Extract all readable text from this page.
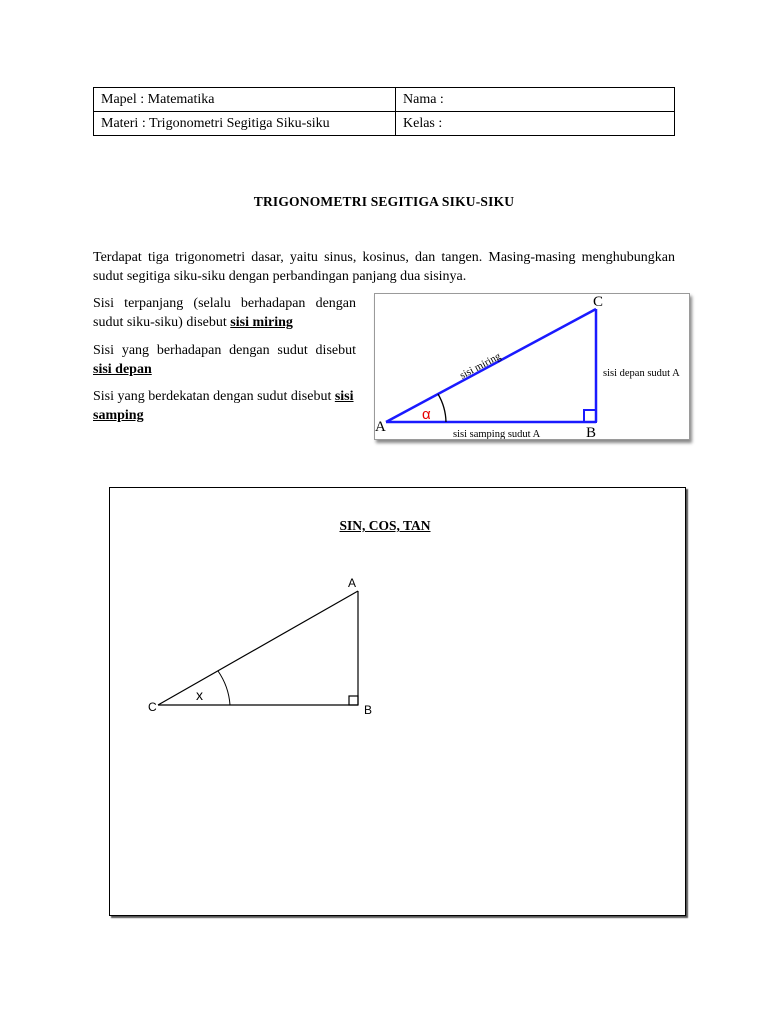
Mapel : Matematika	Nama :
Materi : Trigonometri Segitiga Siku-siku	Kelas :
TRIGONOMETRI SEGITIGA SIKU-SIKU

Terdapat tiga trigonometri dasar, yaitu sinus, kosinus, dan tangen. Masing-masing menghubungkan sudut segitiga siku-siku dengan perbandingan panjang dua sisinya.

Sisi terpanjang (selalu berhadapan dengan sudut siku-siku) disebut sisi miring

Sisi yang berhadapan dengan sudut disebut sisi depan

Sisi yang berdekatan dengan sudut disebut sisi samping	α
A	B
C
sisi miring	sisi depan sudut A
sisi samping sudut A
SIN, COS, TAN
x
A
B
C
